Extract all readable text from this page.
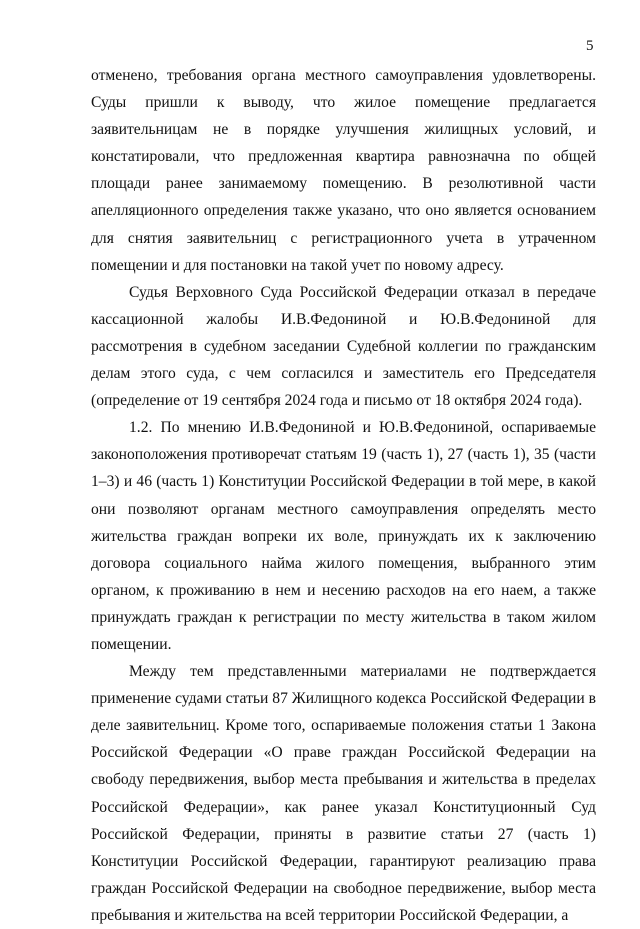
5

отменено, требования органа местного самоуправления удовлетворены. Суды пришли к выводу, что жилое помещение предлагается заявительницам не в порядке улучшения жилищных условий, и констатировали, что предложенная квартира равнозначна по общей площади ранее занимаемому помещению. В резолютивной части апелляционного определения также указано, что оно является основанием для снятия заявительниц с регистрационного учета в утраченном помещении и для постановки на такой учет по новому адресу.

Судья Верховного Суда Российской Федерации отказал в передаче кассационной жалобы И.В.Федониной и Ю.В.Федониной для рассмотрения в судебном заседании Судебной коллегии по гражданским делам этого суда, с чем согласился и заместитель его Председателя (определение от 19 сентября 2024 года и письмо от 18 октября 2024 года).

1.2. По мнению И.В.Федониной и Ю.В.Федониной, оспариваемые законоположения противоречат статьям 19 (часть 1), 27 (часть 1), 35 (части 1–3) и 46 (часть 1) Конституции Российской Федерации в той мере, в какой они позволяют органам местного самоуправления определять место жительства граждан вопреки их воле, принуждать их к заключению договора социального найма жилого помещения, выбранного этим органом, к проживанию в нем и несению расходов на его наем, а также принуждать граждан к регистрации по месту жительства в таком жилом помещении.

Между тем представленными материалами не подтверждается применение судами статьи 87 Жилищного кодекса Российской Федерации в деле заявительниц. Кроме того, оспариваемые положения статьи 1 Закона Российской Федерации «О праве граждан Российской Федерации на свободу передвижения, выбор места пребывания и жительства в пределах Российской Федерации», как ранее указал Конституционный Суд Российской Федерации, приняты в развитие статьи 27 (часть 1) Конституции Российской Федерации, гарантируют реализацию права граждан Российской Федерации на свободное передвижение, выбор места пребывания и жительства на всей территории Российской Федерации, а
